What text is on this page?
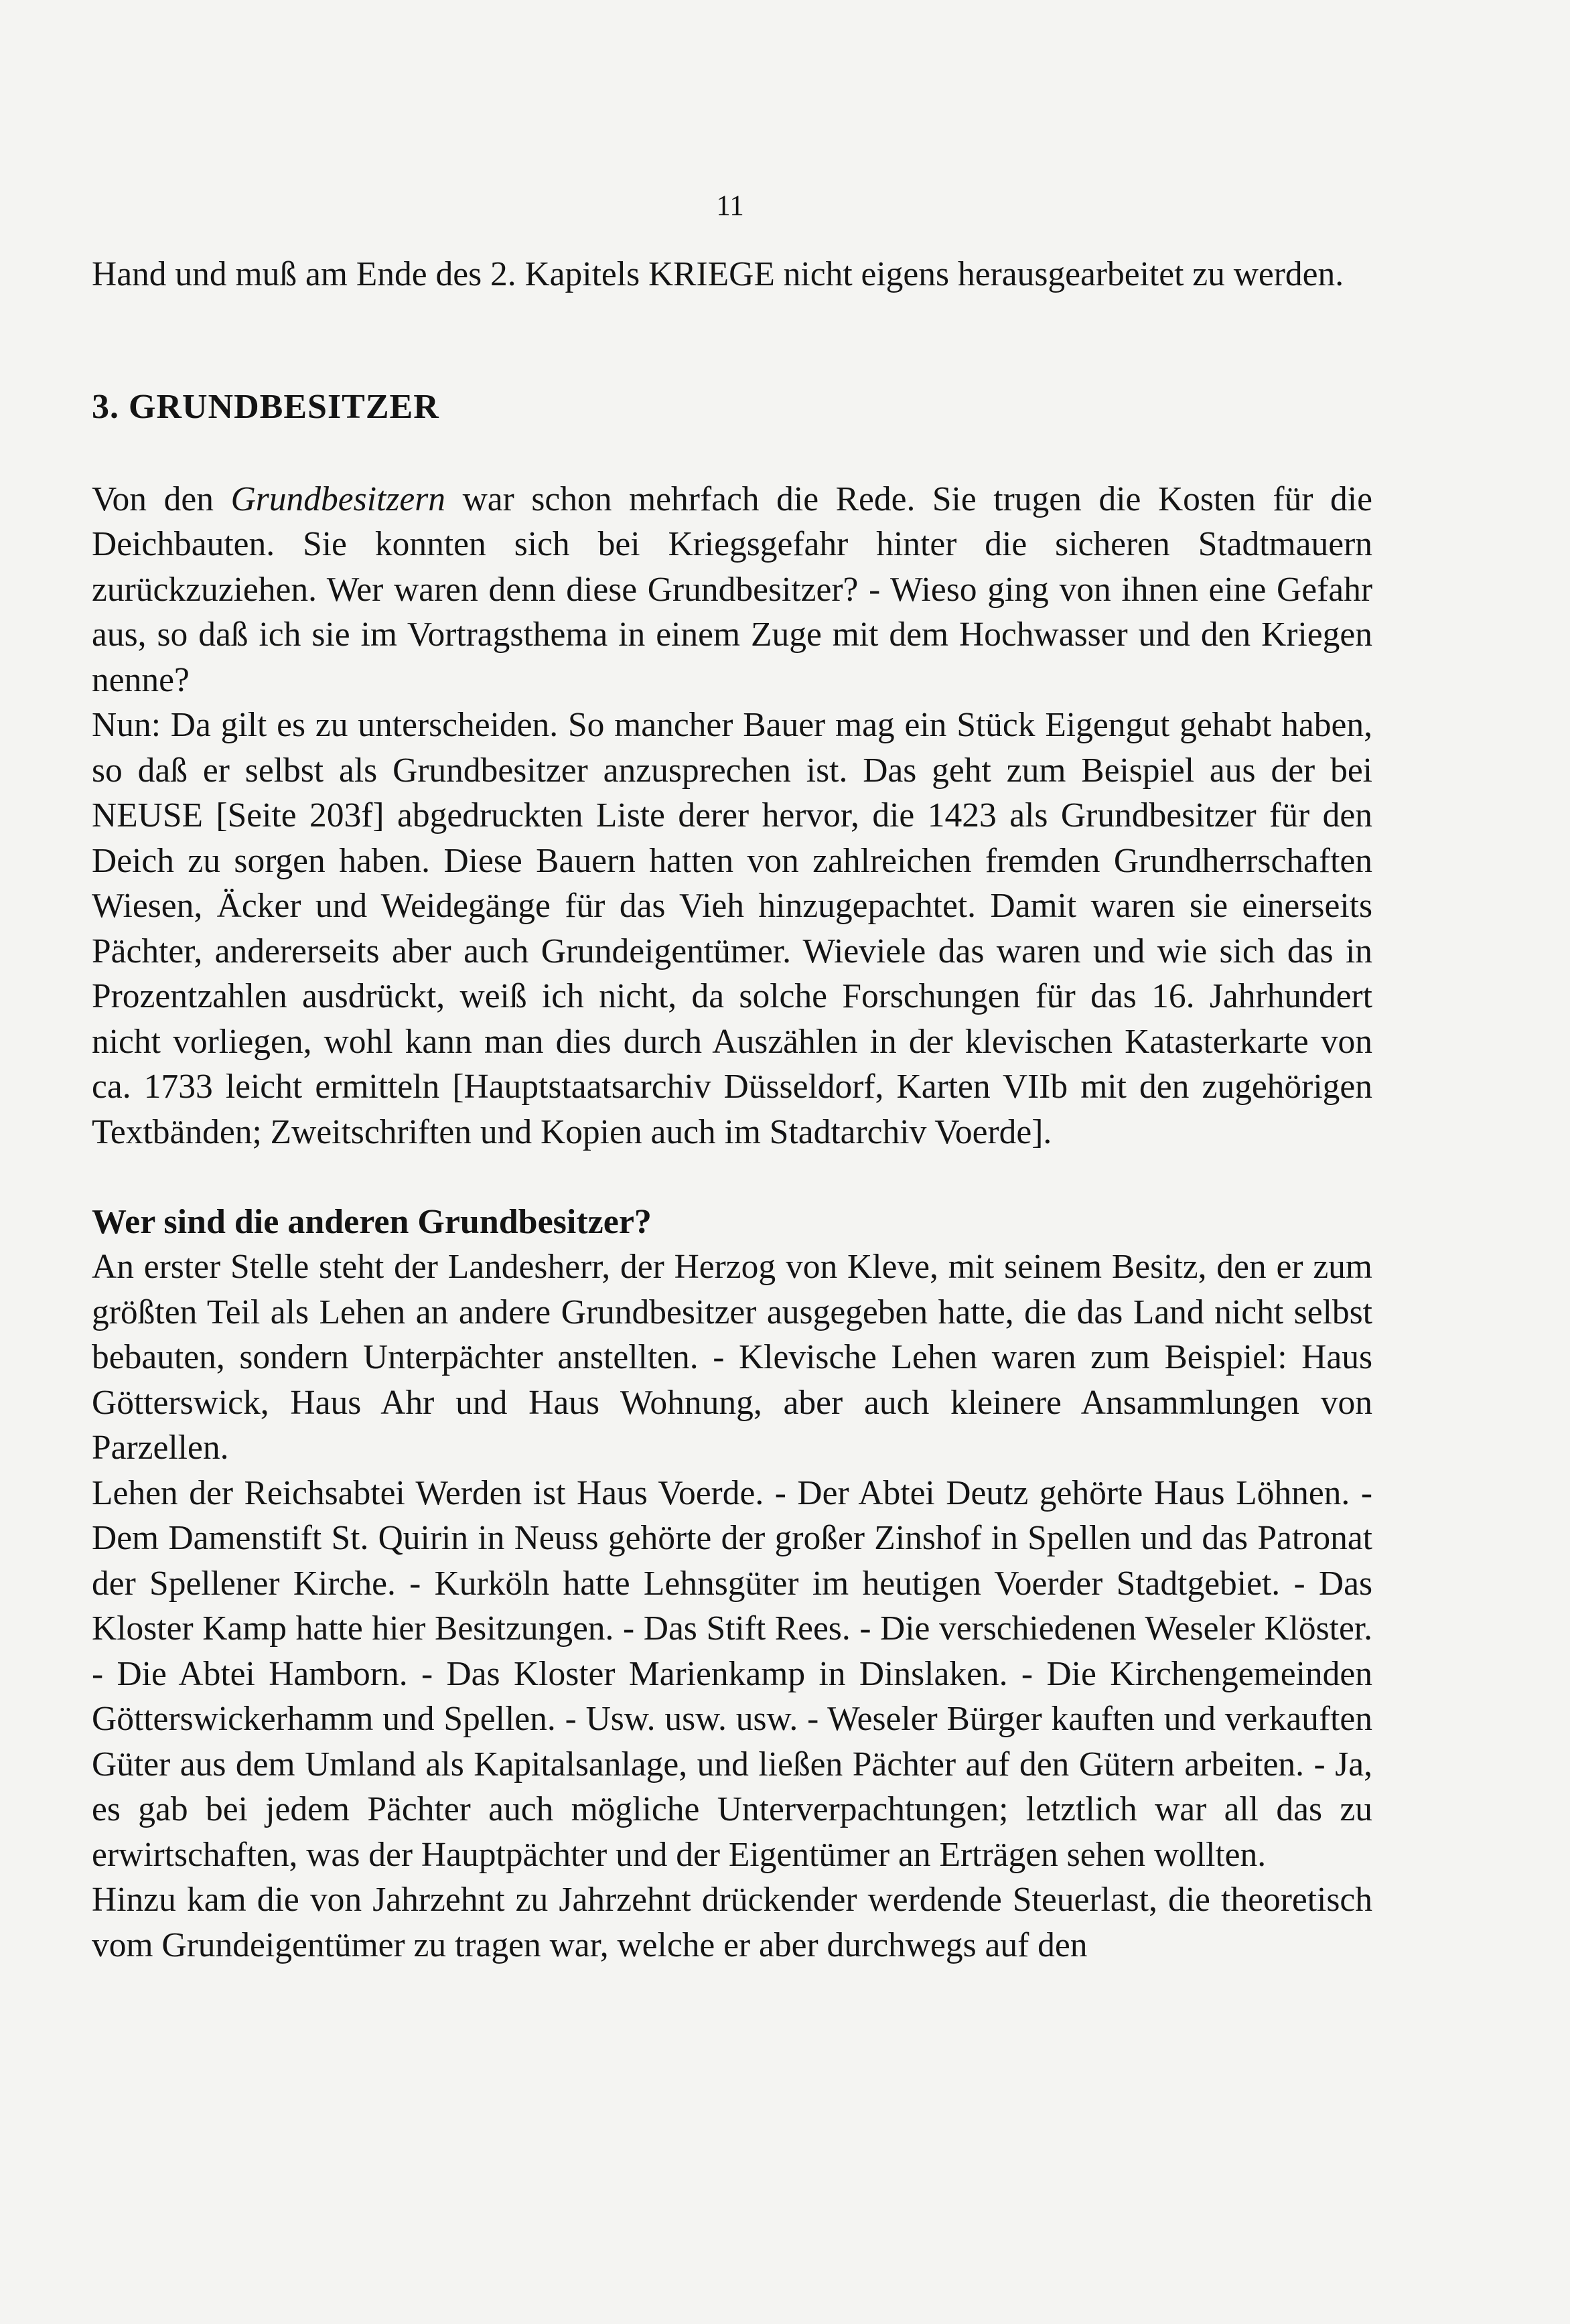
11

Hand und muß am Ende des 2. Kapitels KRIEGE nicht eigens herausgearbeitet zu werden.

3. GRUNDBESITZER

Von den Grundbesitzern war schon mehrfach die Rede. Sie trugen die Kosten für die Deichbauten. Sie konnten sich bei Kriegsgefahr hinter die sicheren Stadtmauern zurückzuziehen. Wer waren denn diese Grundbesitzer? - Wieso ging von ihnen eine Gefahr aus, so daß ich sie im Vortragsthema in einem Zuge mit dem Hochwasser und den Kriegen nenne?

Nun: Da gilt es zu unterscheiden. So mancher Bauer mag ein Stück Eigengut gehabt haben, so daß er selbst als Grundbesitzer anzusprechen ist. Das geht zum Beispiel aus der bei NEUSE [Seite 203f] abgedruckten Liste derer hervor, die 1423 als Grundbesitzer für den Deich zu sorgen haben. Diese Bauern hatten von zahlreichen fremden Grundherrschaften Wiesen, Äcker und Weidegänge für das Vieh hinzugepachtet. Damit waren sie einerseits Pächter, andererseits aber auch Grundeigentümer. Wieviele das waren und wie sich das in Prozentzahlen ausdrückt, weiß ich nicht, da solche Forschungen für das 16. Jahrhundert nicht vorliegen, wohl kann man dies durch Auszählen in der klevischen Katasterkarte von ca. 1733 leicht ermitteln [Hauptstaatsarchiv Düsseldorf, Karten VIIb mit den zugehörigen Textbänden; Zweitschriften und Kopien auch im Stadtarchiv Voerde].

Wer sind die anderen Grundbesitzer?

An erster Stelle steht der Landesherr, der Herzog von Kleve, mit seinem Besitz, den er zum größten Teil als Lehen an andere Grundbesitzer ausgegeben hatte, die das Land nicht selbst bebauten, sondern Unterpächter anstellten. - Klevische Lehen waren zum Beispiel: Haus Götterswick, Haus Ahr und Haus Wohnung, aber auch kleinere Ansammlungen von Parzellen.

Lehen der Reichsabtei Werden ist Haus Voerde. - Der Abtei Deutz gehörte Haus Löhnen. - Dem Damenstift St. Quirin in Neuss gehörte der großer Zinshof in Spellen und das Patronat der Spellener Kirche. - Kurköln hatte Lehnsgüter im heutigen Voerder Stadtgebiet. - Das Kloster Kamp hatte hier Besitzungen. - Das Stift Rees. - Die verschiedenen Weseler Klöster. - Die Abtei Hamborn. - Das Kloster Marienkamp in Dinslaken. - Die Kirchengemeinden Götterswickerhamm und Spellen. - Usw. usw. usw. - Weseler Bürger kauften und verkauften Güter aus dem Umland als Kapitalsanlage, und ließen Pächter auf den Gütern arbeiten. - Ja, es gab bei jedem Pächter auch mögliche Unterverpachtungen; letztlich war all das zu erwirtschaften, was der Hauptpächter und der Eigentümer an Erträgen sehen wollten.

Hinzu kam die von Jahrzehnt zu Jahrzehnt drückender werdende Steuerlast, die theoretisch vom Grundeigentümer zu tragen war, welche er aber durchwegs auf den
